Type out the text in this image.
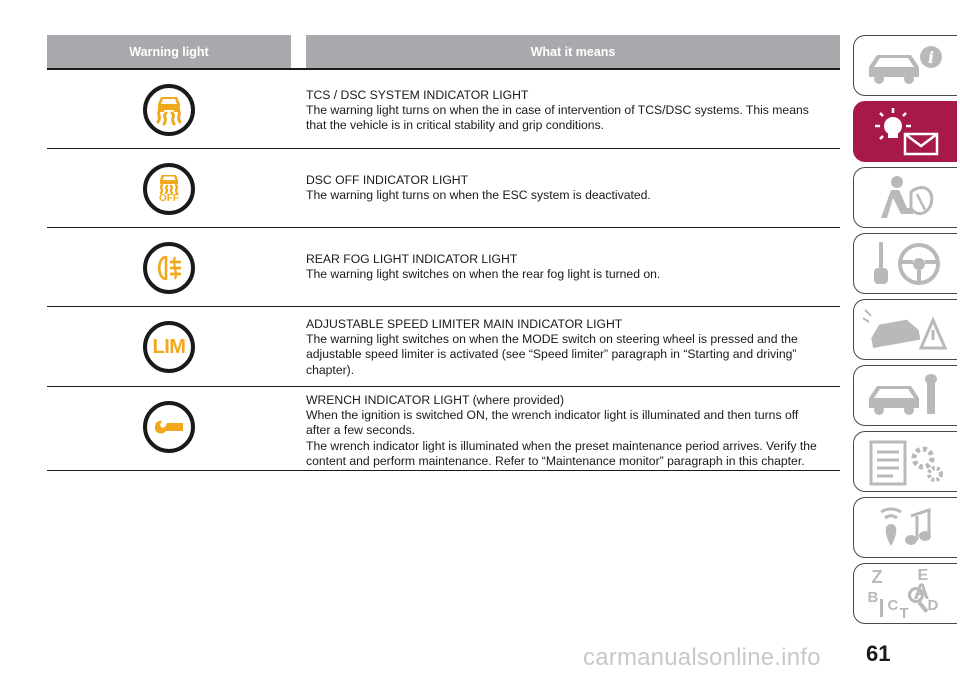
Warning light	What it means
TCS / DSC SYSTEM INDICATOR LIGHT
The warning light turns on when the in case of intervention of TCS/DSC systems. This means
that the vehicle is in critical stability and grip conditions.
OFF
DSC OFF INDICATOR LIGHT
The warning light turns on when the ESC system is deactivated.
REAR FOG LIGHT INDICATOR LIGHT
The warning light switches on when the rear fog light is turned on.
LIM
ADJUSTABLE SPEED LIMITER MAIN INDICATOR LIGHT
The warning light switches on when the MODE switch on steering wheel is pressed and the
adjustable speed limiter is activated (see “Speed limiter” paragraph in “Starting and driving”
chapter).
WRENCH INDICATOR LIGHT (where provided)
When the ignition is switched ON, the wrench indicator light is illuminated and then turns off
after a few seconds.
The wrench indicator light is illuminated when the preset maintenance period arrives. Verify the
content and perform maintenance. Refer to “Maintenance monitor” paragraph in this chapter.
i
Z E
A
B C D
T
61
carmanualsonline.info
